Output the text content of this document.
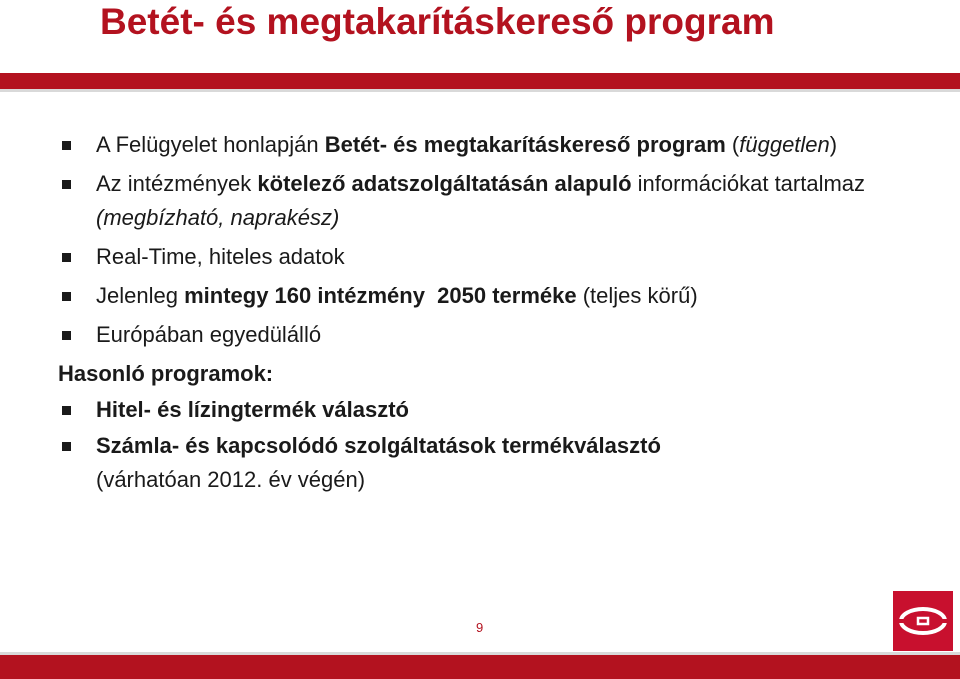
Betét- és megtakarításkereső program
A Felügyelet honlapján Betét- és megtakarításkereső program (független)
Az intézmények kötelező adatszolgáltatásán alapuló információkat tartalmaz (megbízható, naprakész)
Real-Time, hiteles adatok
Jelenleg mintegy 160 intézmény  2050 terméke (teljes körű)
Európában egyedülálló
Hasonló programok:
Hitel- és lízingtermék választó
Számla- és kapcsolódó szolgáltatások termékválasztó
(várhatóan 2012. év végén)
9
